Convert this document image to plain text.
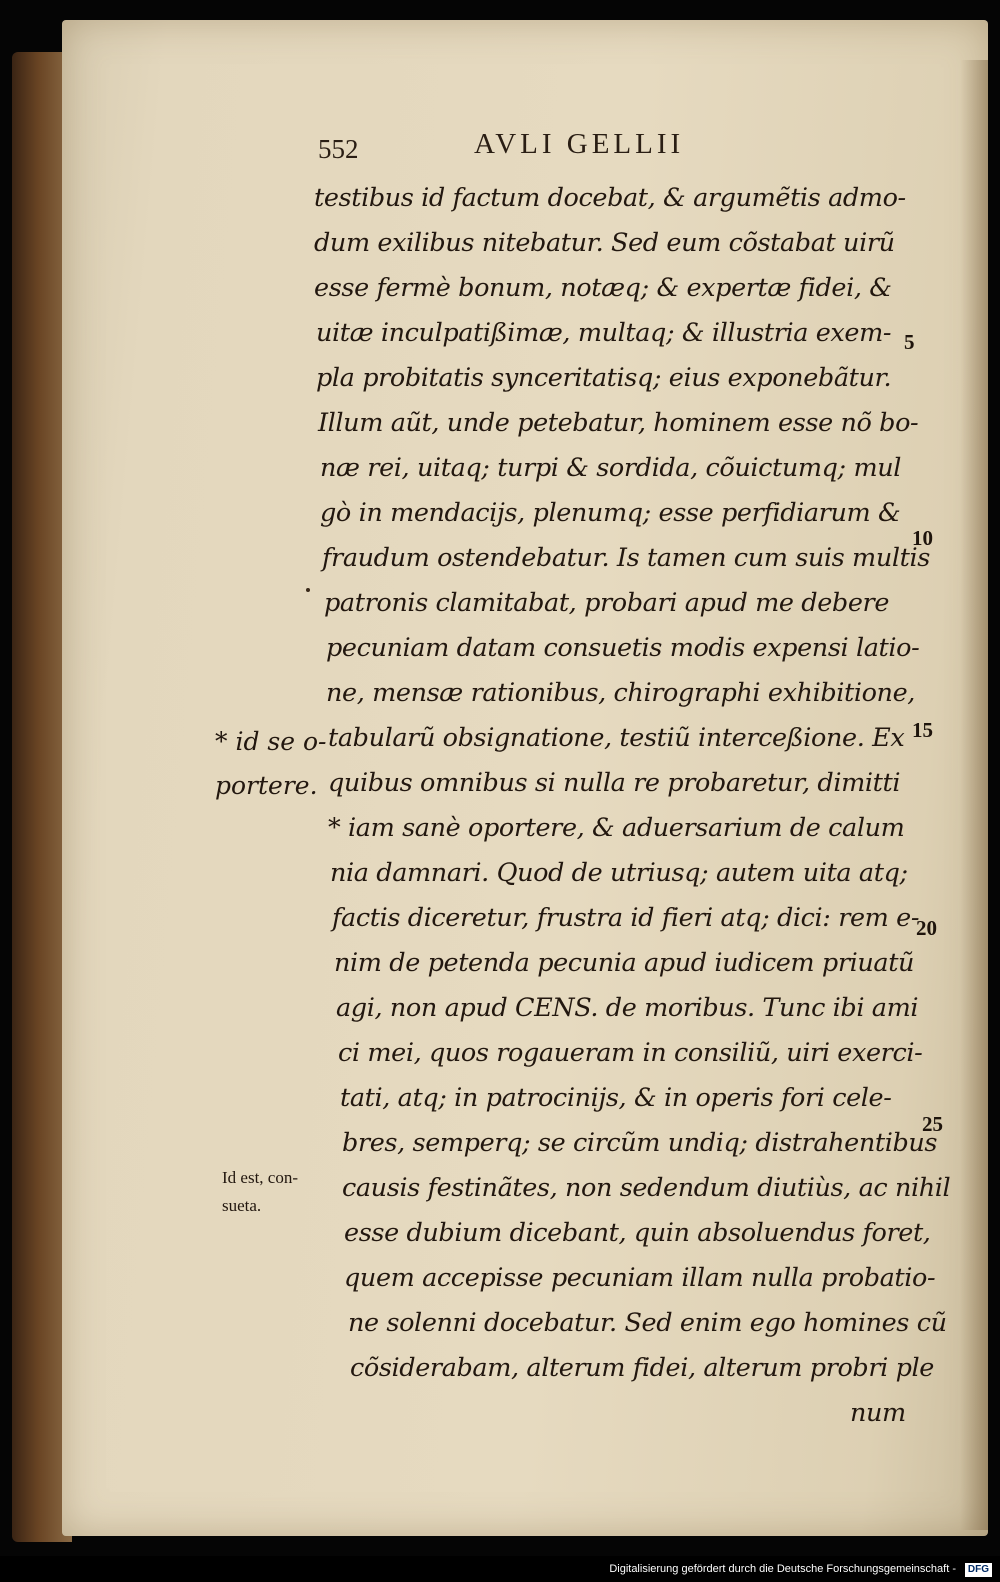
552	AVLI GELLII
testibus id factum docebat, & argumẽtis admo-
dum exilibus nitebatur. Sed eum cõstabat uirũ
esse fermè bonum, notæq; & expertæ fidei, &
uitæ inculpatißimæ, multaq; & illustria exem-
pla probitatis synceritatisq; eius exponebãtur.
Illum aũt, unde petebatur, hominem esse nõ bo-
næ rei, uitaq; turpi & sordida, cõuictumq; mul
gò in mendacijs, plenumq; esse perfidiarum &
fraudum ostendebatur. Is tamen cum suis multis
patronis clamitabat, probari apud me debere
pecuniam datam consuetis modis expensi latio-
ne, mensæ rationibus, chirographi exhibitione,
tabularũ obsignatione, testiũ intercеßione. Ex
quibus omnibus si nulla re probaretur, dimitti
* iam sanè oportere, & aduersarium de calum
nia damnari. Quod de utriusq; autem uita atq;
factis diceretur, frustra id fieri atq; dici: rem e-
nim de petenda pecunia apud iudicem priuatũ
agi, non apud CENS. de moribus. Tunc ibi ami
ci mei, quos rogaueram in consiliũ, uiri exerci-
tati, atq; in patrocinijs, & in operis fori cele-
bres, semperq; se circũm undiq; distrahentibus
causis festinãtes, non sedendum diutiùs, ac nihil
esse dubium dicebant, quin absoluendus foret,
quem accepisse pecuniam illam nulla probatio-
ne solenni docebatur. Sed enim ego homines cũ
cõsiderabam, alterum fidei, alterum probri ple
num
5
10
15
20
25
* id se o-
portere.
Id est, con-
sueta.
Digitalisierung gefördert durch die Deutsche Forschungsgemeinschaft -	DFG
